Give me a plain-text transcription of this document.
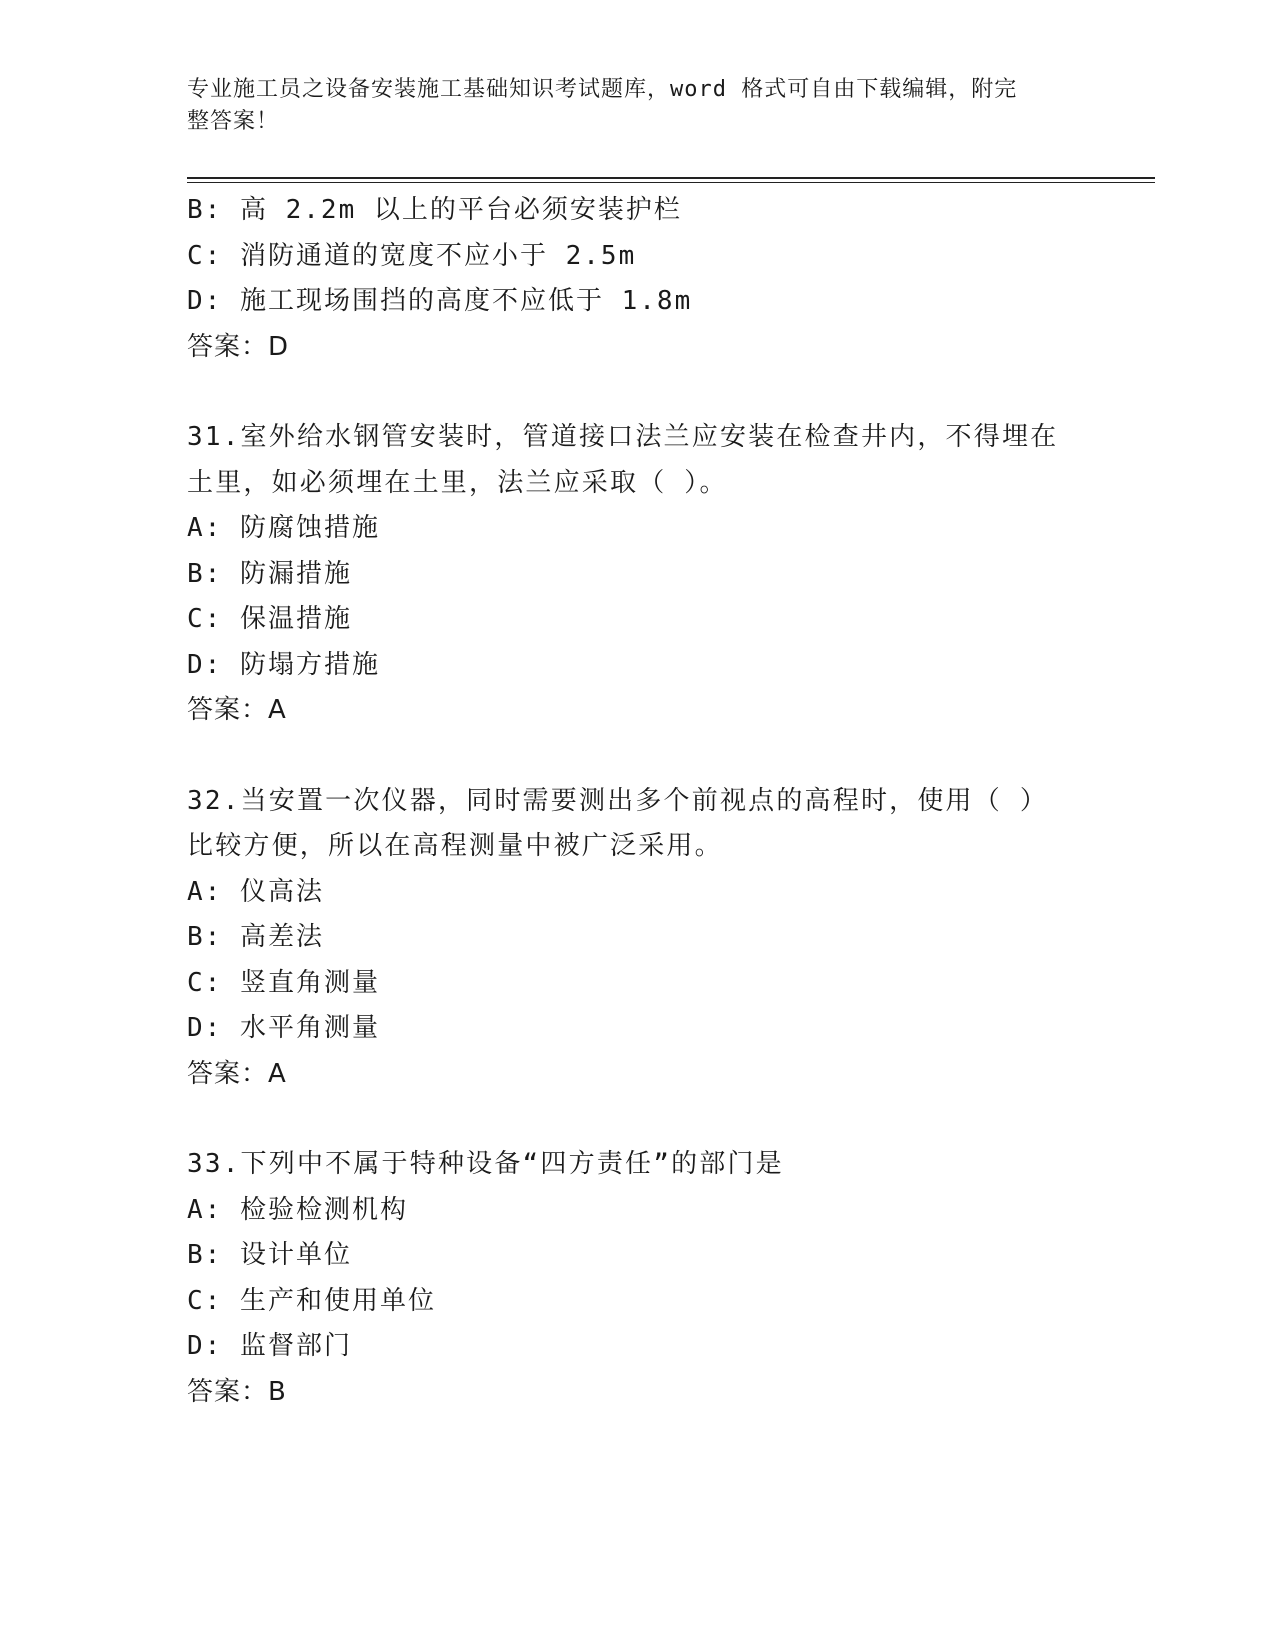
专业施工员之设备安装施工基础知识考试题库，word 格式可自由下载编辑，附完
整答案！
B: 高 2.2m 以上的平台必须安装护栏
C: 消防通道的宽度不应小于 2.5m
D: 施工现场围挡的高度不应低于 1.8m
答案：D
31.室外给水钢管安装时，管道接口法兰应安装在检查井内，不得埋在
土里，如必须埋在土里，法兰应采取（ ）。
A: 防腐蚀措施
B: 防漏措施
C: 保温措施
D: 防塌方措施
答案：A
32.当安置一次仪器，同时需要测出多个前视点的高程时，使用（ ）
比较方便，所以在高程测量中被广泛采用。
A: 仪高法
B: 高差法
C: 竖直角测量
D: 水平角测量
答案：A
33.下列中不属于特种设备“四方责任”的部门是
A: 检验检测机构
B: 设计单位
C: 生产和使用单位
D: 监督部门
答案：B
